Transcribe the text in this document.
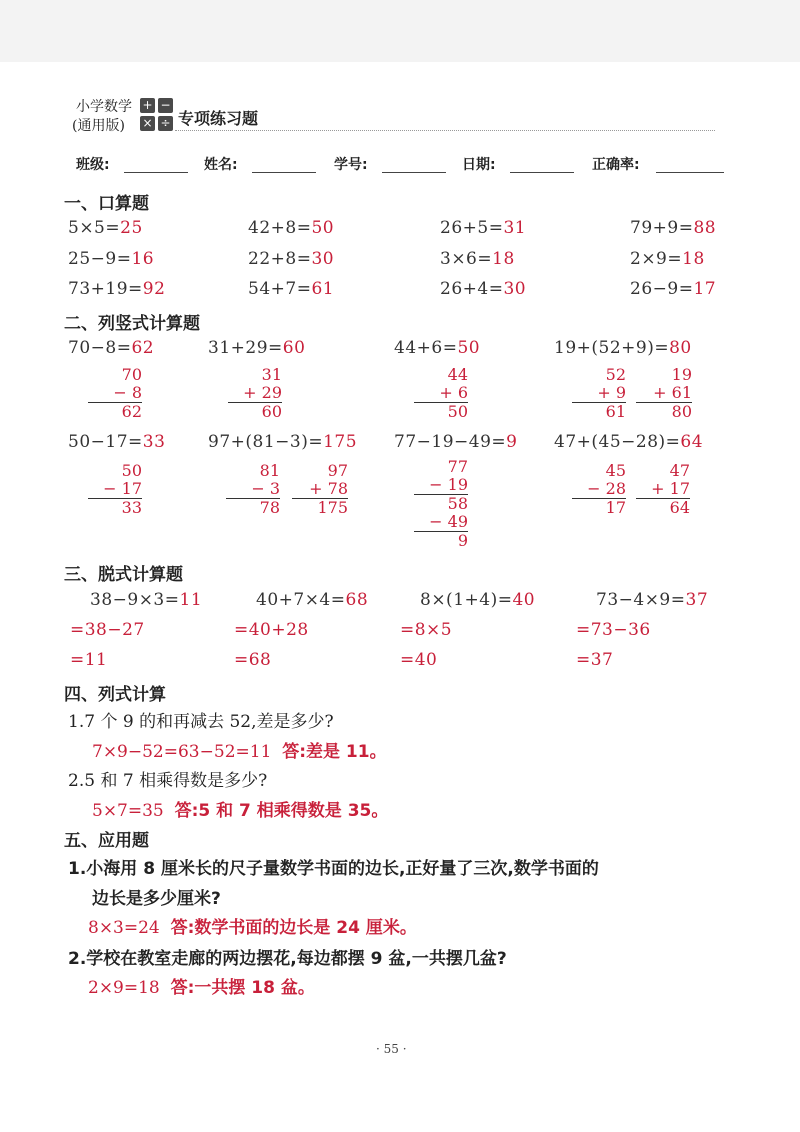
小学数学
(通用版)
+ −
× ÷ 专项练习题
班级:	姓名:	学号:	日期:	正确率:
一、口算题
5×5=25	42+8=50	26+5=31	79+9=88
25−9=16	22+8=30	3×6=18	2×9=18
73+19=92	54+7=61	26+4=30	26−9=17
二、列竖式计算题
70−8=62	31+29=60	44+6=50	19+(52+9)=80
70
− 8
62
31
+ 29
60
44
+ 6
50
52
+ 9
61
19
+ 61
80
50−17=33	97+(81−3)=175 77−19−49=9 47+(45−28)=64
50
− 17
33
81
− 3
78
97
+ 78
175
77
− 19
58
− 49
9
45
− 28
17
47
+ 17
64
三、脱式计算题
38−9×3=11	40+7×4=68	8×(1+4)=40	73−4×9=37
=38−27	=40+28	=8×5	=73−36
=11	=68	=40	=37
四、列式计算
1.7 个 9 的和再减去 52,差是多少?
7×9−52=63−52=11 答:差是 11。
2.5 和 7 相乘得数是多少?
5×7=35 答:5 和 7 相乘得数是 35。
五、应用题
1.小海用 8 厘米长的尺子量数学书面的边长,正好量了三次,数学书面的
边长是多少厘米?
8×3=24 答:数学书面的边长是 24 厘米。
2.学校在教室走廊的两边摆花,每边都摆 9 盆,一共摆几盆?
2×9=18 答:一共摆 18 盆。
· 55 ·
